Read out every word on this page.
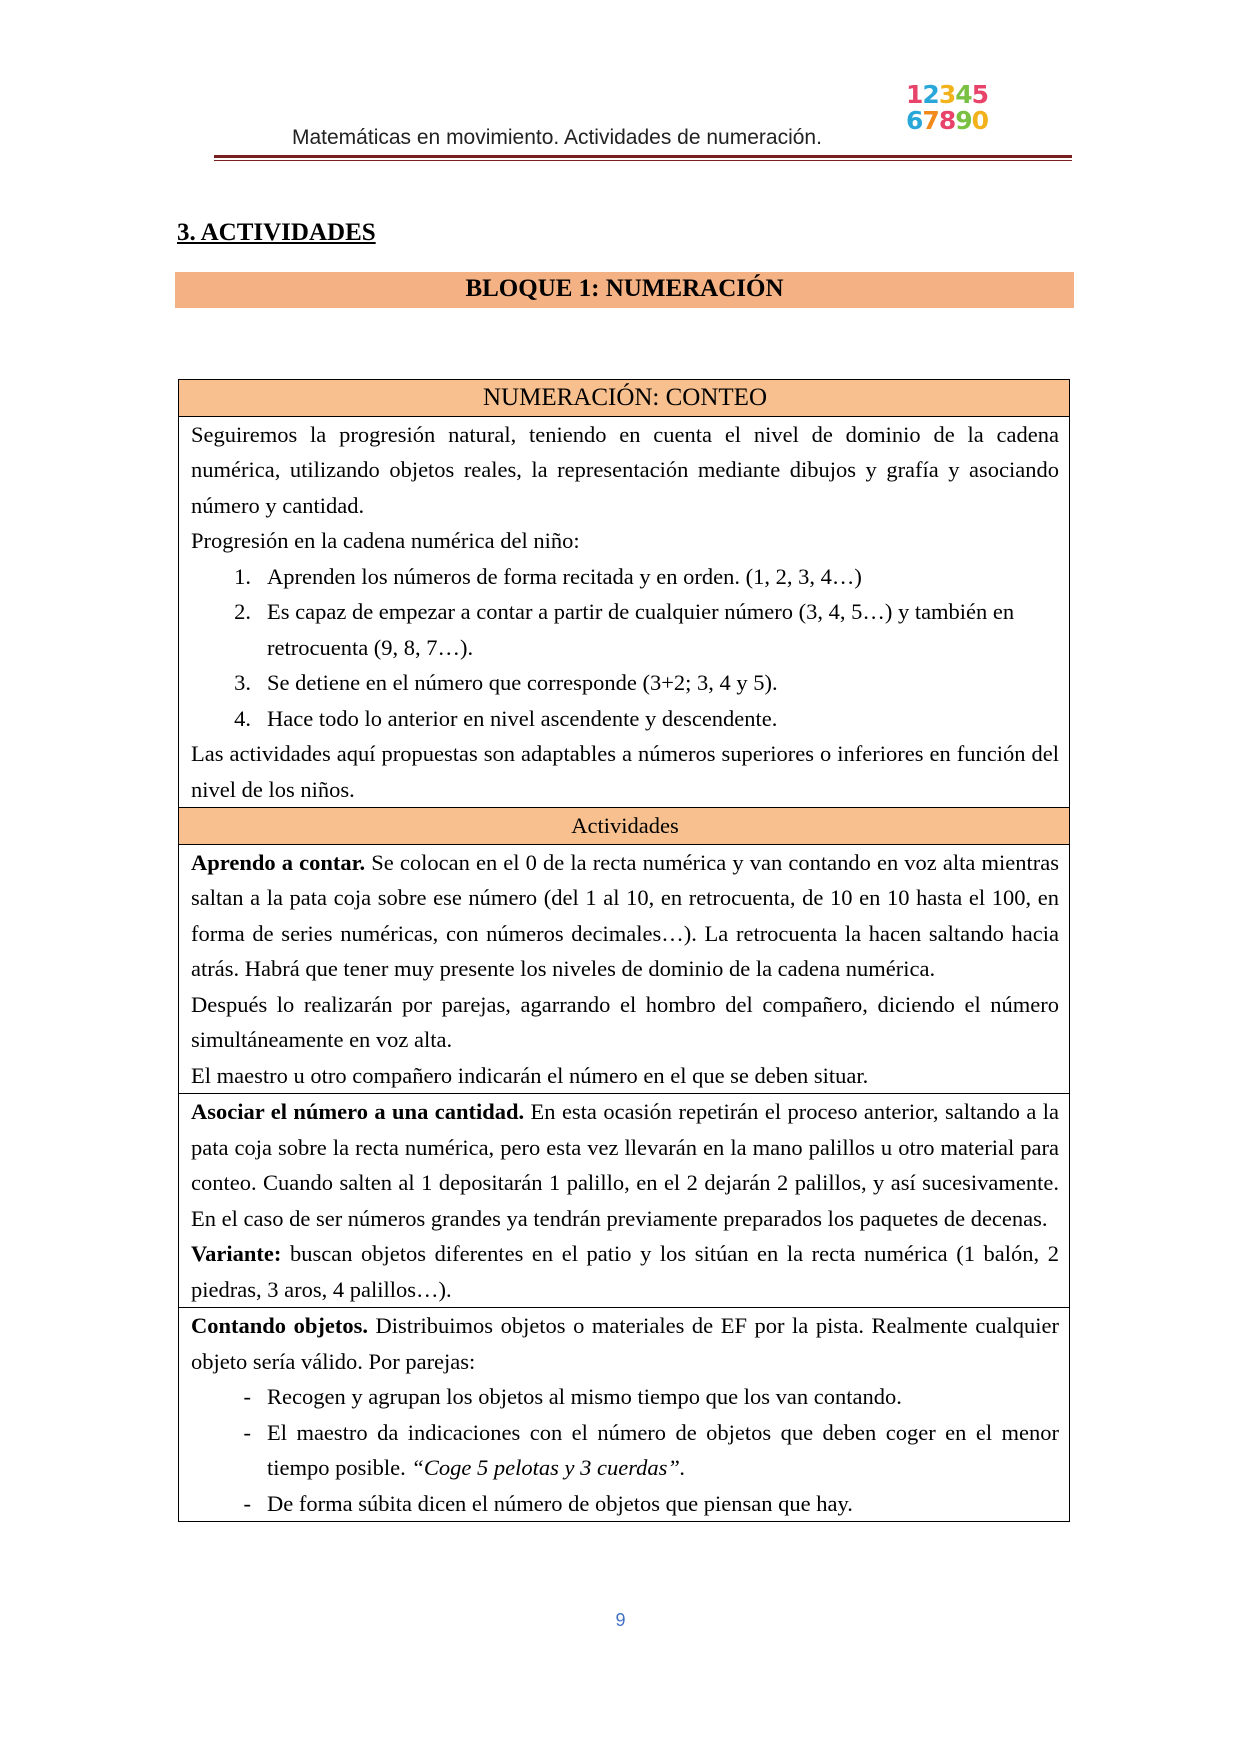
Matemáticas en movimiento. Actividades de numeración.
12345
67890
3. ACTIVIDADES
BLOQUE 1: NUMERACIÓN
NUMERACIÓN: CONTEO

Seguiremos la progresión natural, teniendo en cuenta el nivel de dominio de la cadena numérica, utilizando objetos reales, la representación mediante dibujos y grafía y asociando número y cantidad.
Progresión en la cadena numérica del niño:
1. Aprenden los números de forma recitada y en orden. (1, 2, 3, 4…)
2. Es capaz de empezar a contar a partir de cualquier número (3, 4, 5…) y también en retrocuenta (9, 8, 7…).
3. Se detiene en el número que corresponde (3+2; 3, 4 y 5).
4. Hace todo lo anterior en nivel ascendente y descendente.
Las actividades aquí propuestas son adaptables a números superiores o inferiores en función del nivel de los niños.

Actividades

Aprendo a contar. Se colocan en el 0 de la recta numérica y van contando en voz alta mientras saltan a la pata coja sobre ese número (del 1 al 10, en retrocuenta, de 10 en 10 hasta el 100, en forma de series numéricas, con números decimales…). La retrocuenta la hacen saltando hacia atrás. Habrá que tener muy presente los niveles de dominio de la cadena numérica.
Después lo realizarán por parejas, agarrando el hombro del compañero, diciendo el número simultáneamente en voz alta.
El maestro u otro compañero indicarán el número en el que se deben situar.

Asociar el número a una cantidad. En esta ocasión repetirán el proceso anterior, saltando a la pata coja sobre la recta numérica, pero esta vez llevarán en la mano palillos u otro material para conteo. Cuando salten al 1 depositarán 1 palillo, en el 2 dejarán 2 palillos, y así sucesivamente. En el caso de ser números grandes ya tendrán previamente preparados los paquetes de decenas.
Variante: buscan objetos diferentes en el patio y los sitúan en la recta numérica (1 balón, 2 piedras, 3 aros, 4 palillos…).

Contando objetos. Distribuimos objetos o materiales de EF por la pista. Realmente cualquier objeto sería válido. Por parejas:
- Recogen y agrupan los objetos al mismo tiempo que los van contando.
- El maestro da indicaciones con el número de objetos que deben coger en el menor tiempo posible. “Coge 5 pelotas y 3 cuerdas”.
- De forma súbita dicen el número de objetos que piensan que hay.
9
